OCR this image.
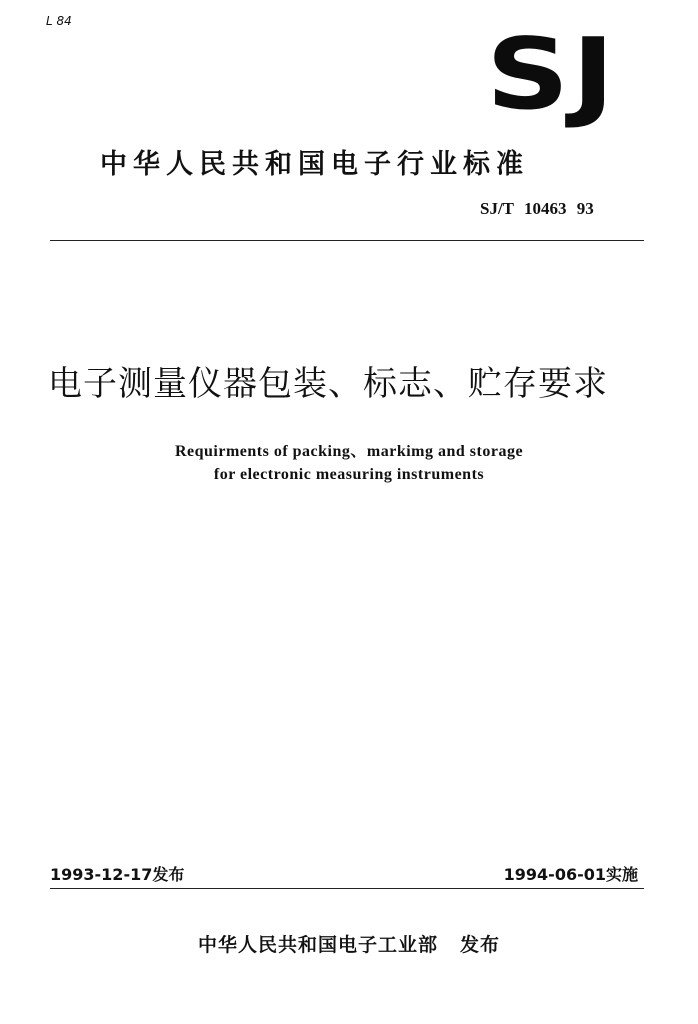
L 84	SJ
中华人民共和国电子行业标准
SJ/T 10463 93
电子测量仪器包装、标志、贮存要求
Requirments of packing、markimg and storage
for electronic measuring instruments
1993-12-17发布	1994-06-01实施
中华人民共和国电子工业部 发布
